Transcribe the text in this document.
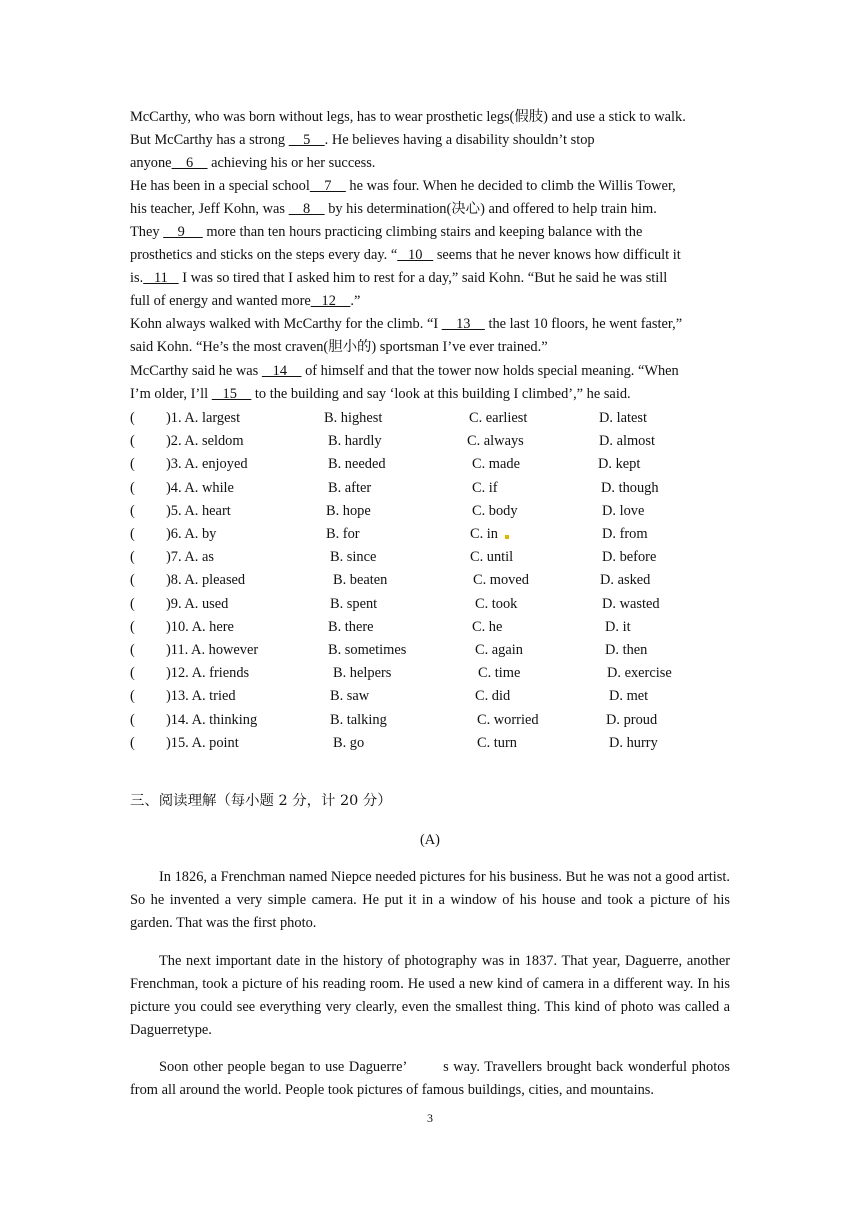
McCarthy, who was born without legs, has to wear prosthetic legs(假肢) and use a stick to walk.
But McCarthy has a strong     5    . He believes having a disability shouldn’t stop
anyone    6     achieving his or her success.
He has been in a special school    7     he was four. When he decided to climb the Willis Tower,
his teacher, Jeff Kohn, was     8     by his determination(决心) and offered to help train him.
They     9      more than ten hours practicing climbing stairs and keeping balance with the
prosthetics and sticks on the steps every day. “   10    seems that he never knows how difficult it
is.   11    I was so tired that I asked him to rest for a day,” said Kohn. “But he said he was still
full of energy and wanted more   12    .”
Kohn always walked with McCarthy for the climb. “I     13     the last 10 floors, he went faster,”
said Kohn. “He’s the most craven(胆小的) sportsman I’ve ever trained.”
McCarthy said he was    14     of himself and that the tower now holds special meaning. “When
I’m older, I’ll    15     to the building and say ‘look at this building I climbed’,” he said.
( )1. A. largest	B. highest	C. earliest	D. latest
( )2. A. seldom	B. hardly	C. always	D. almost
( )3. A. enjoyed	B. needed	C. made	D. kept
( )4. A. while	B. after	C. if	D. though
( )5. A. heart	B. hope	C. body	D. love
( )6. A. by	B. for	C. in	D. from
( )7. A. as	B. since	C. until	D. before
( )8. A. pleased	B. beaten	C. moved	D. asked
( )9. A. used	B. spent	C. took	D. wasted
( )10. A. here	B. there	C. he	D. it
( )11. A. however	B. sometimes	C. again	D. then
( )12. A. friends	B. helpers	C. time	D. exercise
( )13. A. tried	B. saw	C. did	D. met
( )14. A. thinking	B. talking	C. worried	D. proud
( )15. A. point	B. go	C. turn	D. hurry
三、阅读理解（每小题 2 分，计 20 分）
(A)
In 1826, a Frenchman named Niepce needed pictures for his business. But he was not a good artist. So he invented a very simple camera. He put it in a window of his house and took a picture of his garden. That was the first photo.
The next important date in the history of photography was in 1837. That year, Daguerre, another Frenchman, took a picture of his reading room. He used a new kind of camera in a different way. In his picture you could see everything very clearly, even the smallest thing. This kind of photo was called a Daguerretype.
Soon other people began to use Daguerre’        s way. Travellers brought back wonderful photos from all around the world. People took pictures of famous buildings, cities, and mountains.
3
